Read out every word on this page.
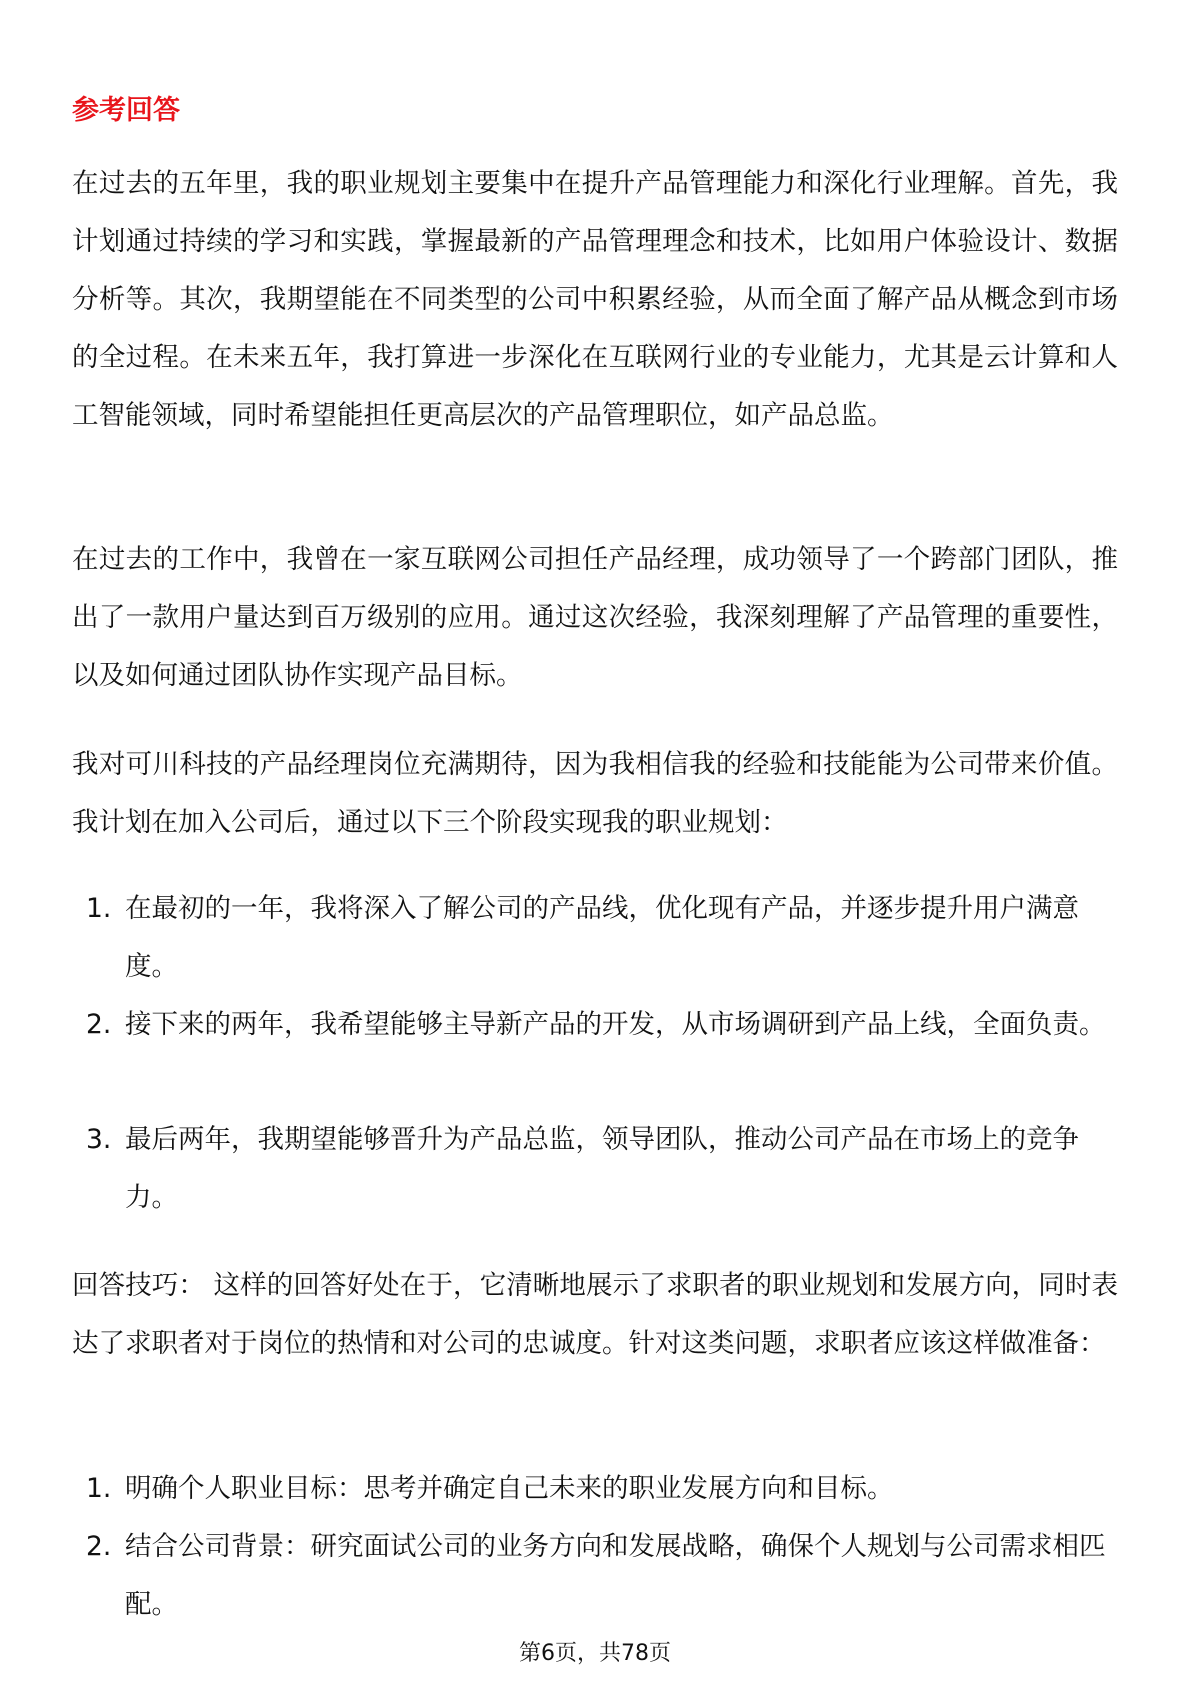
参考回答
在过去的五年里，我的职业规划主要集中在提升产品管理能力和深化行业理解。首先，我计划通过持续的学习和实践，掌握最新的产品管理理念和技术，比如用户体验设计、数据分析等。其次，我期望能在不同类型的公司中积累经验，从而全面了解产品从概念到市场的全过程。在未来五年，我打算进一步深化在互联网行业的专业能力，尤其是云计算和人工智能领域，同时希望能担任更高层次的产品管理职位，如产品总监。
在过去的工作中，我曾在一家互联网公司担任产品经理，成功领导了一个跨部门团队，推出了一款用户量达到百万级别的应用。通过这次经验，我深刻理解了产品管理的重要性，以及如何通过团队协作实现产品目标。
我对可川科技的产品经理岗位充满期待，因为我相信我的经验和技能能为公司带来价值。我计划在加入公司后，通过以下三个阶段实现我的职业规划：
1. 在最初的一年，我将深入了解公司的产品线，优化现有产品，并逐步提升用户满意度。
2. 接下来的两年，我希望能够主导新产品的开发，从市场调研到产品上线，全面负责。
3. 最后两年，我期望能够晋升为产品总监，领导团队，推动公司产品在市场上的竞争力。
回答技巧： 这样的回答好处在于，它清晰地展示了求职者的职业规划和发展方向，同时表达了求职者对于岗位的热情和对公司的忠诚度。针对这类问题，求职者应该这样做准备：
1. 明确个人职业目标：思考并确定自己未来的职业发展方向和目标。
2. 结合公司背景：研究面试公司的业务方向和发展战略，确保个人规划与公司需求相匹配。
第6页，共78页
